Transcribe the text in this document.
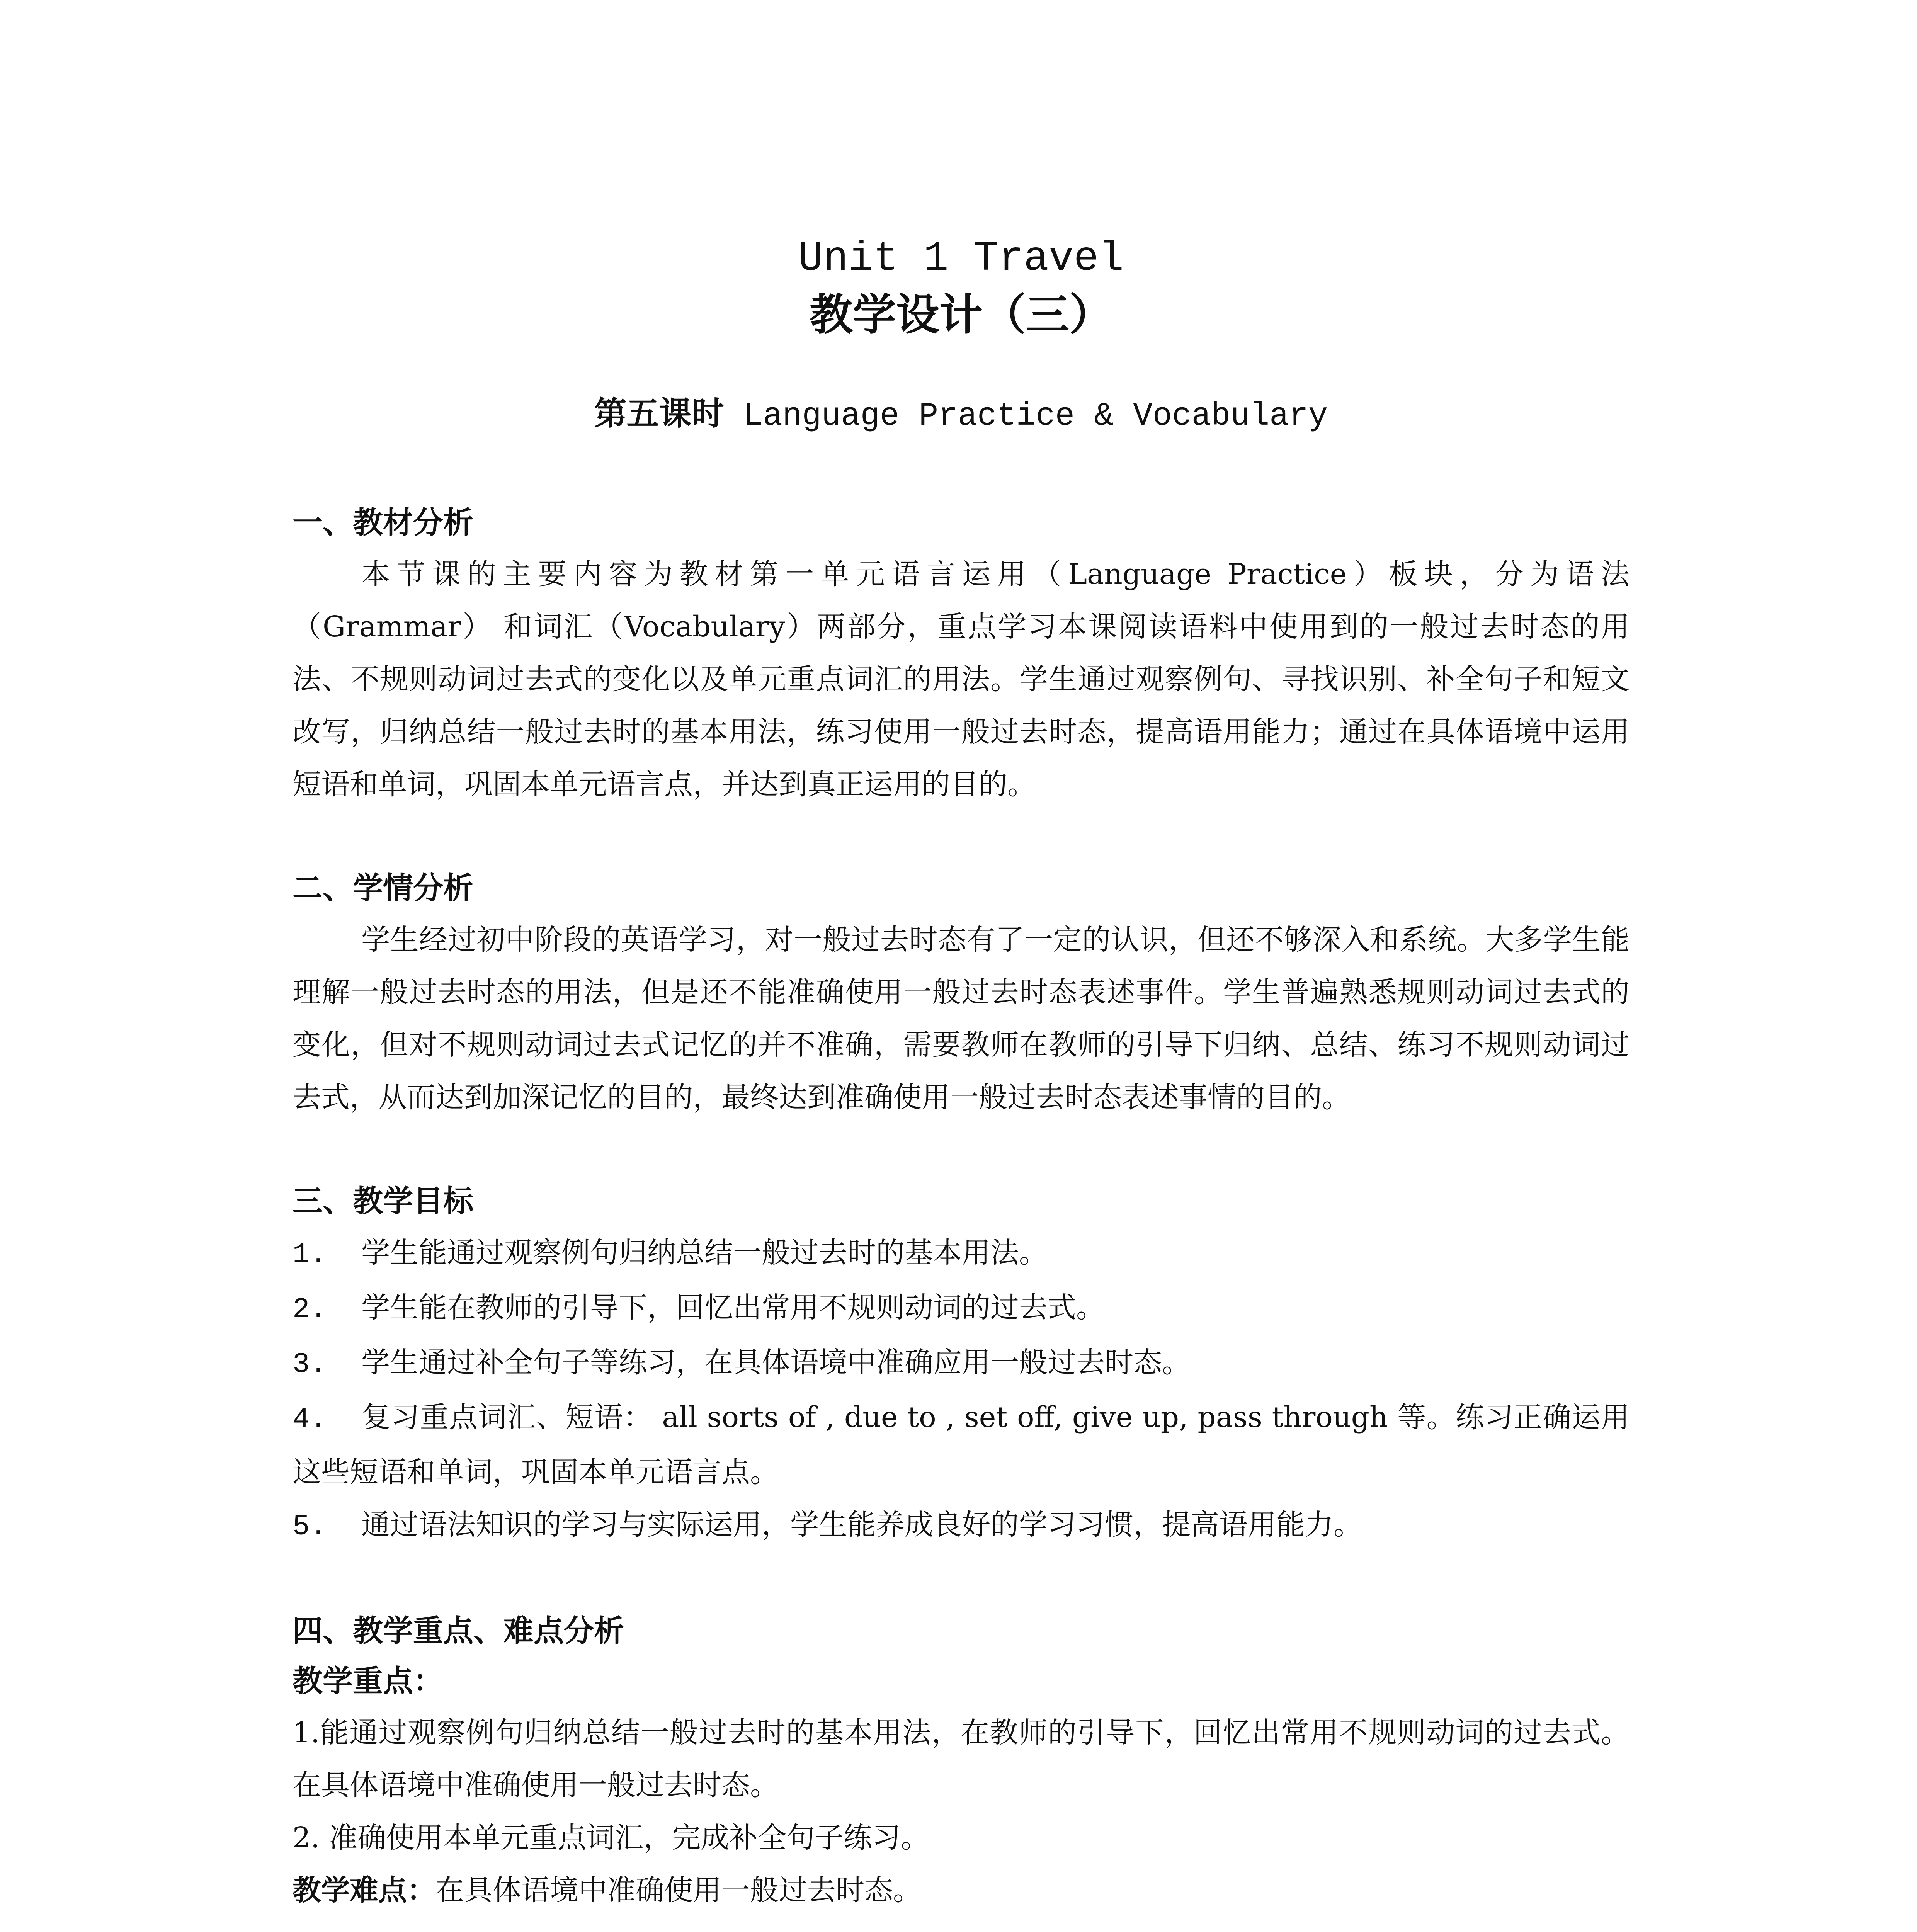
Unit 1 Travel

教学设计（三）

第五课时 Language Practice & Vocabulary

一、教材分析

本节课的主要内容为教材第一单元语言运用（Language Practice）板块，分为语法（Grammar） 和词汇（Vocabulary）两部分，重点学习本课阅读语料中使用到的一般过去时态的用法、不规则动词过去式的变化以及单元重点词汇的用法。学生通过观察例句、寻找识别、补全句子和短文改写，归纳总结一般过去时的基本用法，练习使用一般过去时态，提高语用能力；通过在具体语境中运用短语和单词，巩固本单元语言点，并达到真正运用的目的。

二、学情分析

学生经过初中阶段的英语学习，对一般过去时态有了一定的认识，但还不够深入和系统。大多学生能理解一般过去时态的用法，但是还不能准确使用一般过去时态表述事件。学生普遍熟悉规则动词过去式的变化，但对不规则动词过去式记忆的并不准确，需要教师在教师的引导下归纳、总结、练习不规则动词过去式，从而达到加深记忆的目的，最终达到准确使用一般过去时态表述事情的目的。

三、教学目标

1. 学生能通过观察例句归纳总结一般过去时的基本用法。

2. 学生能在教师的引导下，回忆出常用不规则动词的过去式。

3. 学生通过补全句子等练习，在具体语境中准确应用一般过去时态。

4. 复习重点词汇、短语： all sorts of , due to , set off, give up, pass through 等。练习正确运用这些短语和单词，巩固本单元语言点。

5. 通过语法知识的学习与实际运用，学生能养成良好的学习习惯，提高语用能力。

四、教学重点、难点分析

教学重点：

1.能通过观察例句归纳总结一般过去时的基本用法，在教师的引导下，回忆出常用不规则动词的过去式。在具体语境中准确使用一般过去时态。

2. 准确使用本单元重点词汇，完成补全句子练习。

教学难点：在具体语境中准确使用一般过去时态。
